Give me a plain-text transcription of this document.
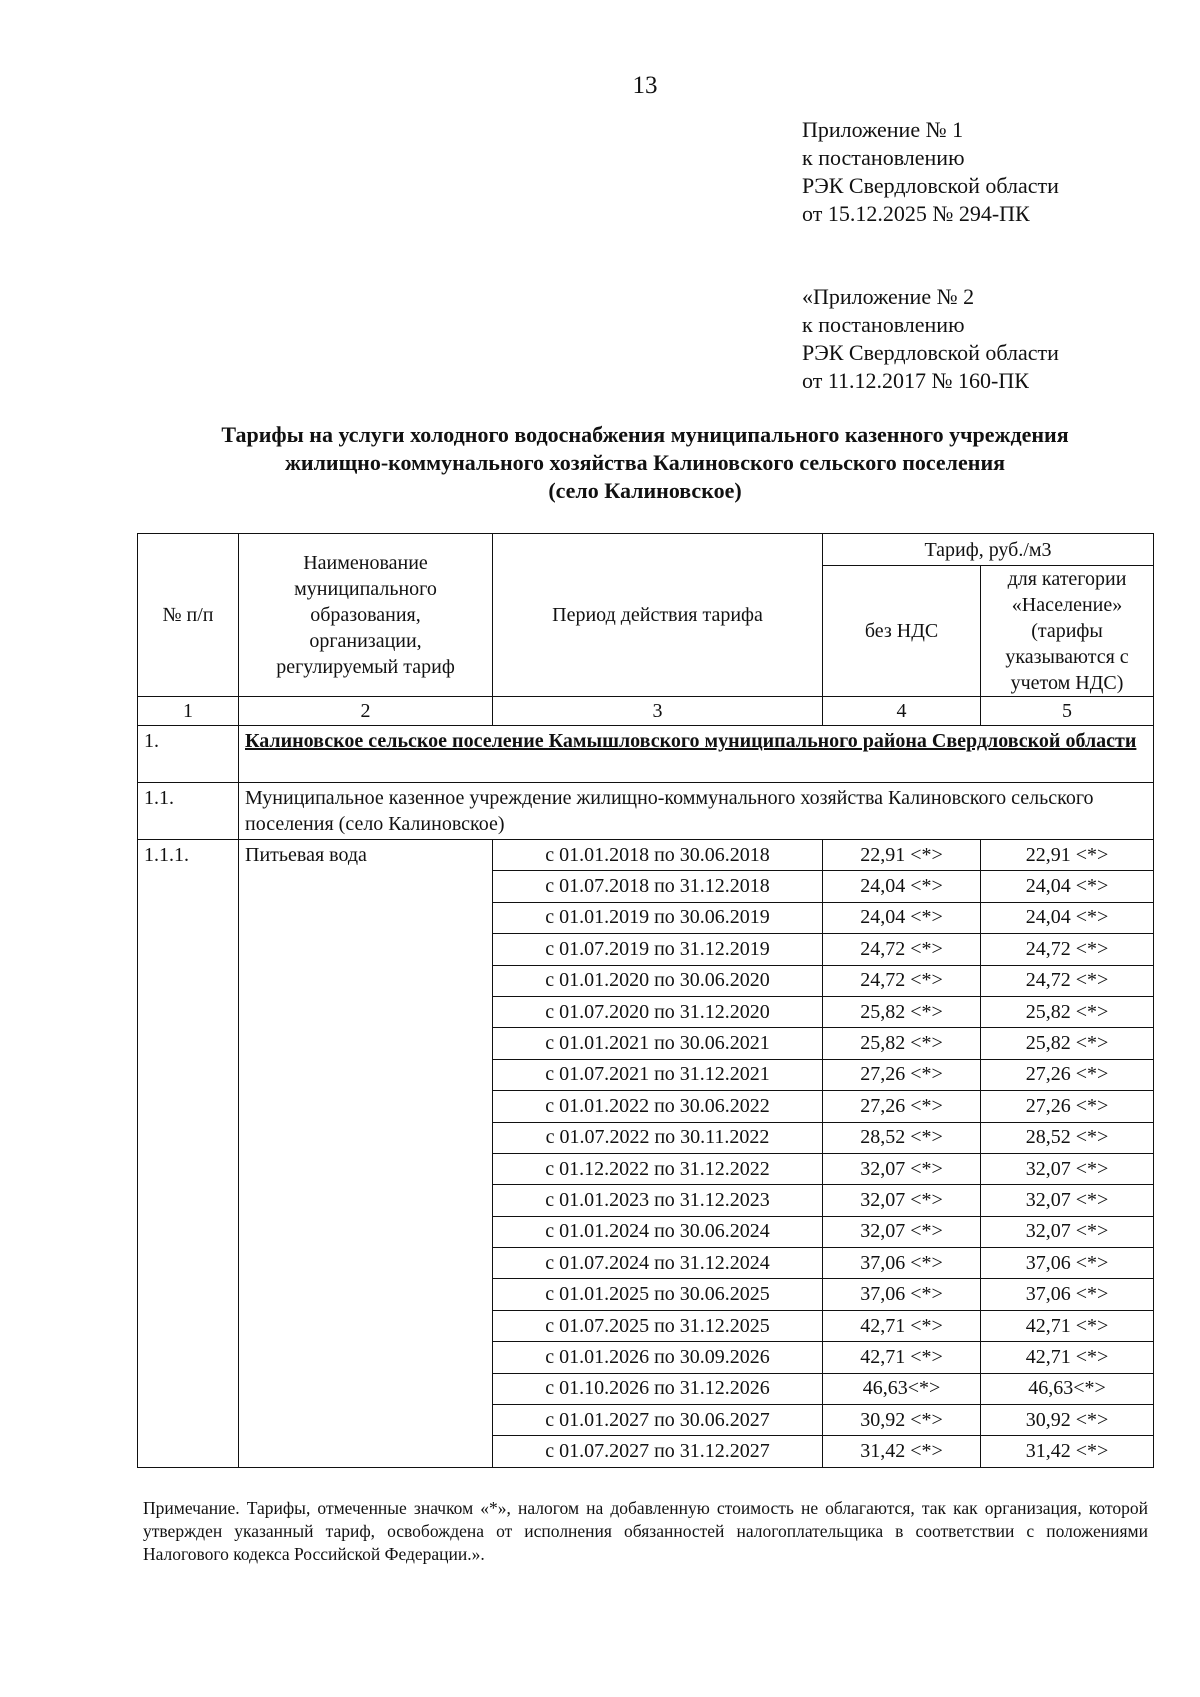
13
Приложение № 1
к постановлению
РЭК Свердловской области
от 15.12.2025 № 294-ПК
«Приложение № 2
к постановлению
РЭК Свердловской области
от 11.12.2017 № 160-ПК
Тарифы на услуги холодного водоснабжения муниципального казенного учреждения
жилищно-коммунального хозяйства Калиновского сельского поселения
(село Калиновское)
№ п/п	Наименование муниципального образования, организации, регулируемый тариф	Период действия тарифа	Тариф, руб./м3	
			без НДС	для категории «Население» (тарифы указываются с учетом НДС)
1	2	3	4	5
1.	Калиновское сельское поселение Камышловского муниципального района Свердловской области			
1.1.	Муниципальное казенное учреждение жилищно-коммунального хозяйства Калиновского сельского поселения (село Калиновское)			
1.1.1.	Питьевая вода	с 01.01.2018 по 30.06.2018	22,91 <*>	22,91 <*>
		с 01.07.2018 по 31.12.2018	24,04 <*>	24,04 <*>
		с 01.01.2019 по 30.06.2019	24,04 <*>	24,04 <*>
		с 01.07.2019 по 31.12.2019	24,72 <*>	24,72 <*>
		с 01.01.2020 по 30.06.2020	24,72 <*>	24,72 <*>
		с 01.07.2020 по 31.12.2020	25,82 <*>	25,82 <*>
		с 01.01.2021 по 30.06.2021	25,82 <*>	25,82 <*>
		с 01.07.2021 по 31.12.2021	27,26 <*>	27,26 <*>
		с 01.01.2022 по 30.06.2022	27,26 <*>	27,26 <*>
		с 01.07.2022 по 30.11.2022	28,52 <*>	28,52 <*>
		с 01.12.2022 по 31.12.2022	32,07 <*>	32,07 <*>
		с 01.01.2023 по 31.12.2023	32,07 <*>	32,07 <*>
		с 01.01.2024 по 30.06.2024	32,07 <*>	32,07 <*>
		с 01.07.2024 по 31.12.2024	37,06 <*>	37,06 <*>
		с 01.01.2025 по 30.06.2025	37,06 <*>	37,06 <*>
		с 01.07.2025 по 31.12.2025	42,71 <*>	42,71 <*>
		с 01.01.2026 по 30.09.2026	42,71 <*>	42,71 <*>
		с 01.10.2026 по 31.12.2026	46,63<*>	46,63<*>
		с 01.01.2027 по 30.06.2027	30,92 <*>	30,92 <*>
		с 01.07.2027 по 31.12.2027	31,42 <*>	31,42 <*>
Примечание. Тарифы, отмеченные значком «*», налогом на добавленную стоимость не облагаются, так как организация, которой утвержден указанный тариф, освобождена от исполнения обязанностей налогоплательщика в соответствии с положениями Налогового кодекса Российской Федерации.».
